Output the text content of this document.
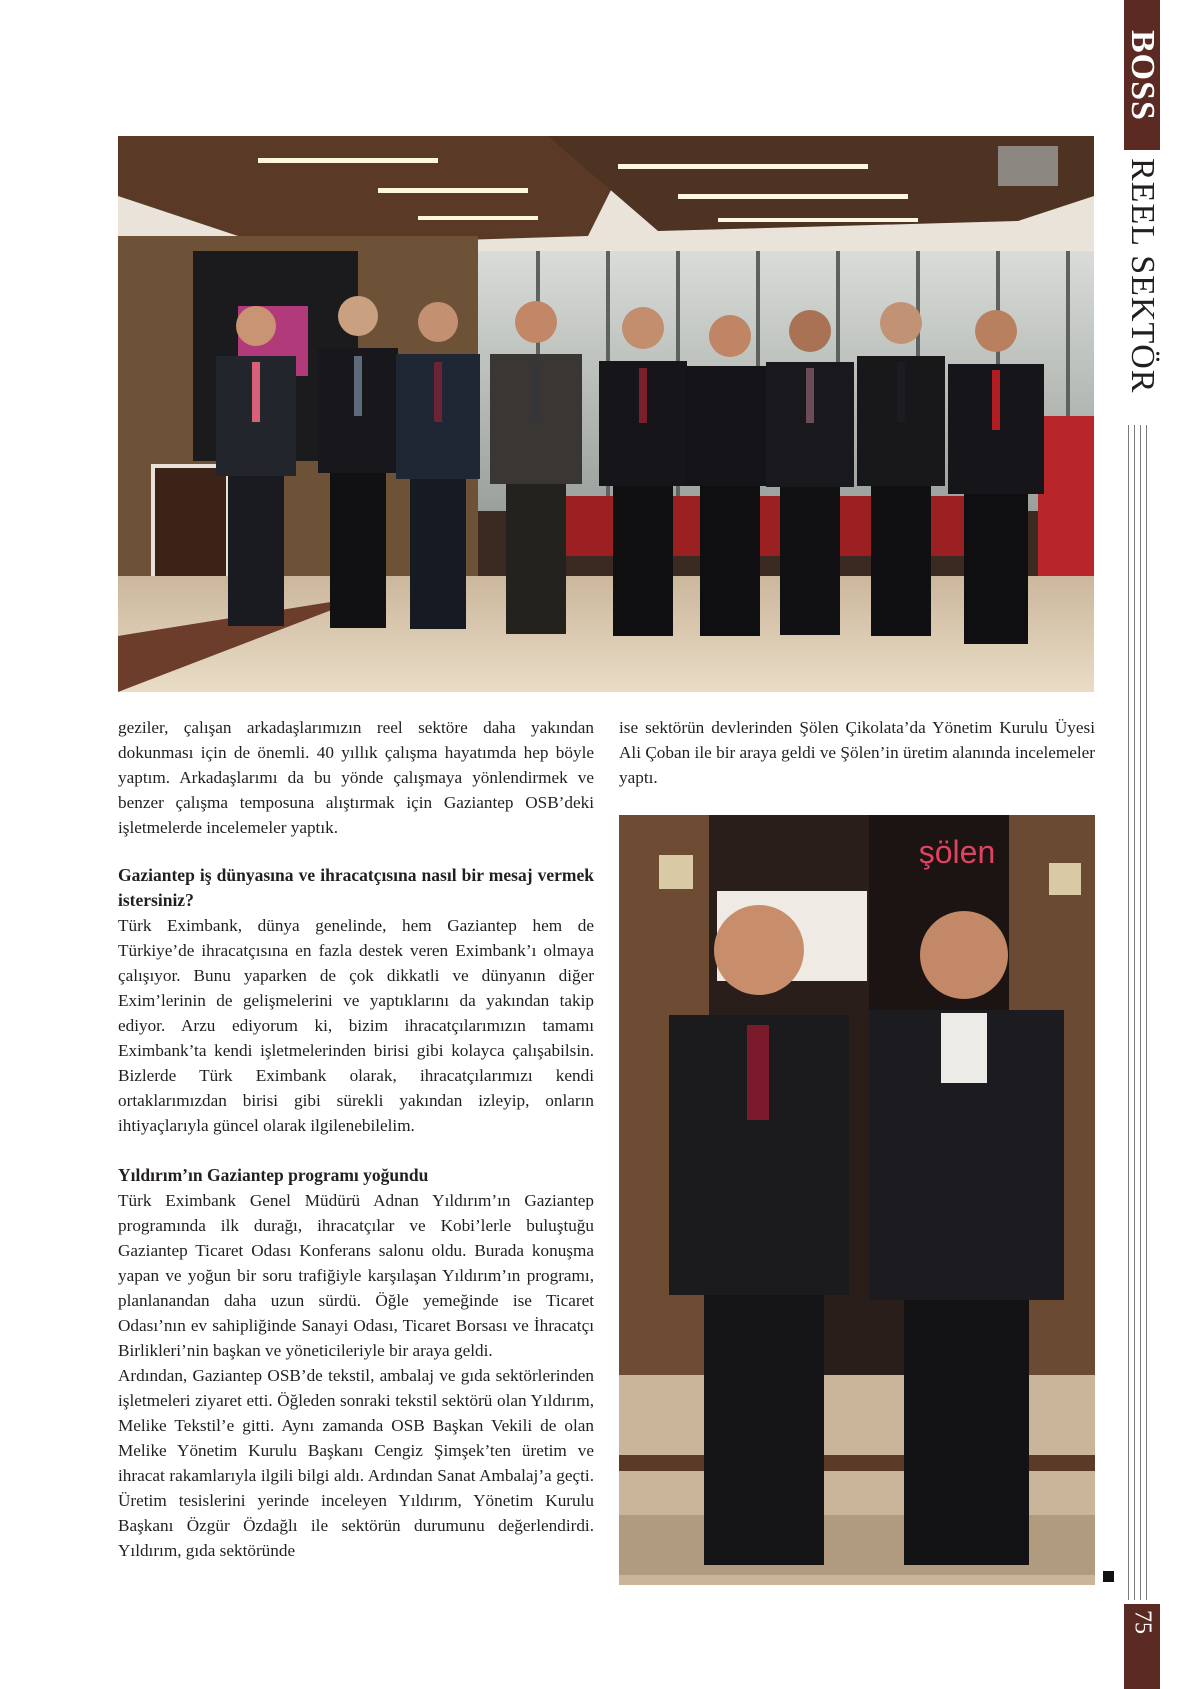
BOSS
REEL SEKTÖR
75

geziler, çalışan arkadaşlarımızın reel sektöre daha yakından dokunması için de önemli. 40 yıllık çalışma hayatımda hep böyle yaptım. Arkadaşlarımı da bu yönde çalışmaya yönlendirmek ve benzer çalışma temposuna alıştırmak için Gaziantep OSB’deki işletmelerde incelemeler yaptık.

ise sektörün devlerinden Şölen Çikolata’da Yönetim Kurulu Üyesi Ali Çoban ile bir araya geldi ve Şölen’in üretim alanında incelemeler yaptı.

Gaziantep iş dünyasına ve ihracatçısına nasıl bir mesaj vermek istersiniz?

Türk Eximbank, dünya genelinde, hem Gaziantep hem de Türkiye’de ihracatçısına en fazla destek veren Eximbank’ı olmaya çalışıyor. Bunu yaparken de çok dikkatli ve dünyanın diğer Exim’lerinin de gelişmelerini ve yaptıklarını da yakından takip ediyor. Arzu ediyorum ki, bizim ihracatçılarımızın tamamı Eximbank’ta kendi işletmelerinden birisi gibi kolayca çalışabilsin. Bizlerde Türk Eximbank olarak, ihracatçılarımızı kendi ortaklarımızdan birisi gibi sürekli yakından izleyip, onların ihtiyaçlarıyla güncel olarak ilgilenebilelim.

Yıldırım’ın Gaziantep programı yoğundu

Türk Eximbank Genel Müdürü Adnan Yıldırım’ın Gaziantep programında ilk durağı, ihracatçılar ve Kobi’lerle buluştuğu Gaziantep Ticaret Odası Konferans salonu oldu. Burada konuşma yapan ve yoğun bir soru trafiğiyle karşılaşan Yıldırım’ın programı, planlanandan daha uzun sürdü. Öğle yemeğinde ise Ticaret Odası’nın ev sahipliğinde Sanayi Odası, Ticaret Borsası ve İhracatçı Birlikleri’nin başkan ve yöneticileriyle bir araya geldi.

Ardından, Gaziantep OSB’de tekstil, ambalaj ve gıda sektörlerinden işletmeleri ziyaret etti. Öğleden sonraki tekstil sektörü olan Yıldırım, Melike Tekstil’e gitti. Aynı zamanda OSB Başkan Vekili de olan Melike Yönetim Kurulu Başkanı Cengiz Şimşek’ten üretim ve ihracat rakamlarıyla ilgili bilgi aldı. Ardından Sanat Ambalaj’a geçti. Üretim tesislerini yerinde inceleyen Yıldırım, Yönetim Kurulu Başkanı Özgür Özdağlı ile sektörün durumunu değerlendirdi. Yıldırım, gıda sektöründe

şölen
